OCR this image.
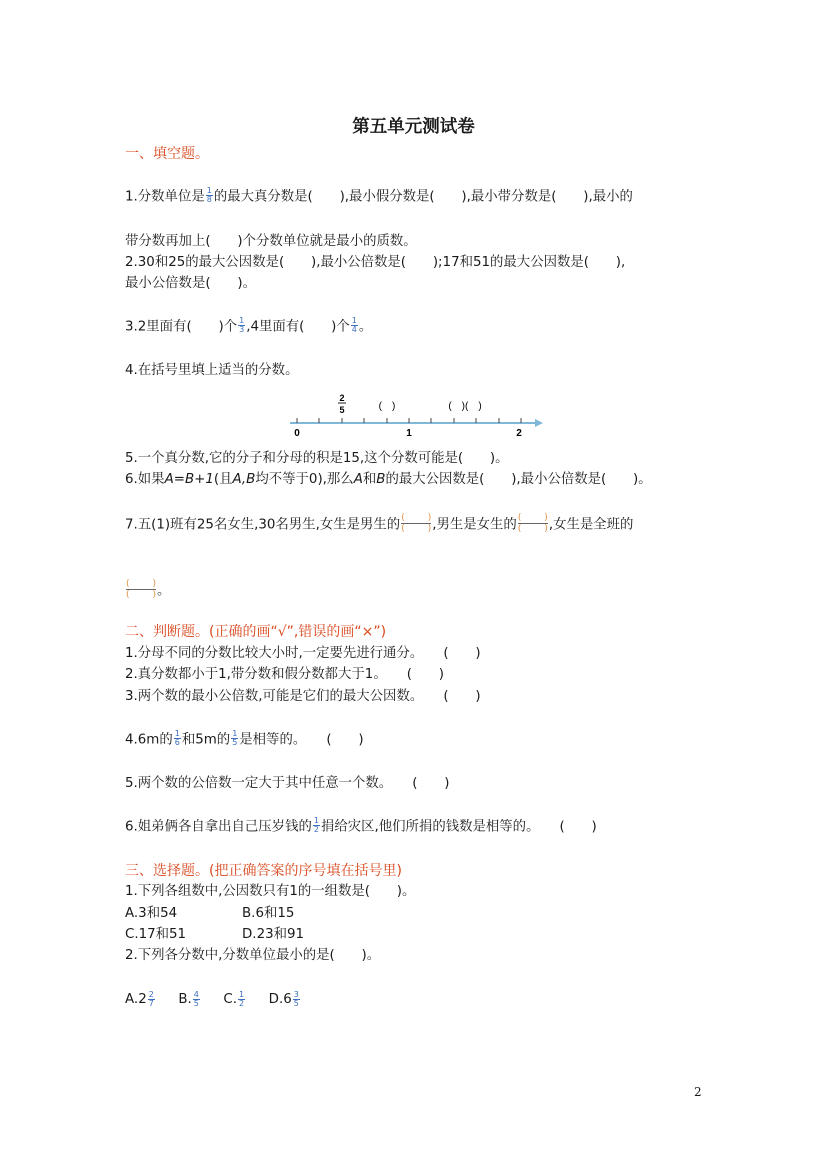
第五单元测试卷
一、填空题。
1.分数单位是 $\frac{1}{8}$ 的最大真分数是(　　),最小假分数是(　　),最小带分数是(　　),最小的
带分数再加上(　　)个分数单位就是最小的质数。
2.30和25的最大公因数是(　　),最小公倍数是(　　);17和51的最大公因数是(　　),
最小公倍数是(　　)。
3.2里面有(　　)个 $\frac{1}{3} ,4$里面有(　　)个 $\frac{1}{4}$ 。
4.在括号里填上适当的分数。
0	1	2
2
5	(　)	(　)(　)
5.一个真分数,它的分子和分母的积是15,这个分数可能是(　　)。
6.如果A=B+1(且A,B均不等于0),那么A和B的最大公因数是(　　),最小公倍数是(　　)。
7.五(1)班有25名女生,30名男生,女生是男生的 ( ) ( ) ,男生是女生的 ( ) ( ) ,女生是全班的
( )
( )
。
二、判断题。(正确的画“√”,错误的画“×”)
1.分母不同的分数比较大小时,一定要先进行通分。　　(　　)
2.真分数都小于1,带分数和假分数都大于1。　　(　　)
3.两个数的最小公倍数,可能是它们的最大公因数。　　(　　)
4.6m的 $\frac{1}{6}$ 和5m的 $\frac{1}{5}$ 是相等的。　　(　　)
5.两个数的公倍数一定大于其中任意一个数。　　(　　)
6.姐弟俩各自拿出自己压岁钱的 $\frac{1}{2}$ 捐给灾区,他们所捐的钱数是相等的。　　(　　)
三、选择题。(把正确答案的序号填在括号里)
1.下列各组数中,公因数只有1的一组数是(　　)。
A.3和54	B.6和15
C.17和51	D.23和91
2.下列各分数中,分数单位最小的是(　　)。
A. $2 \frac{2}{7}$
B. $\frac{4}{5}$
C. $\frac{1}{2}$
D. $6 \frac{3}{5}$
2
